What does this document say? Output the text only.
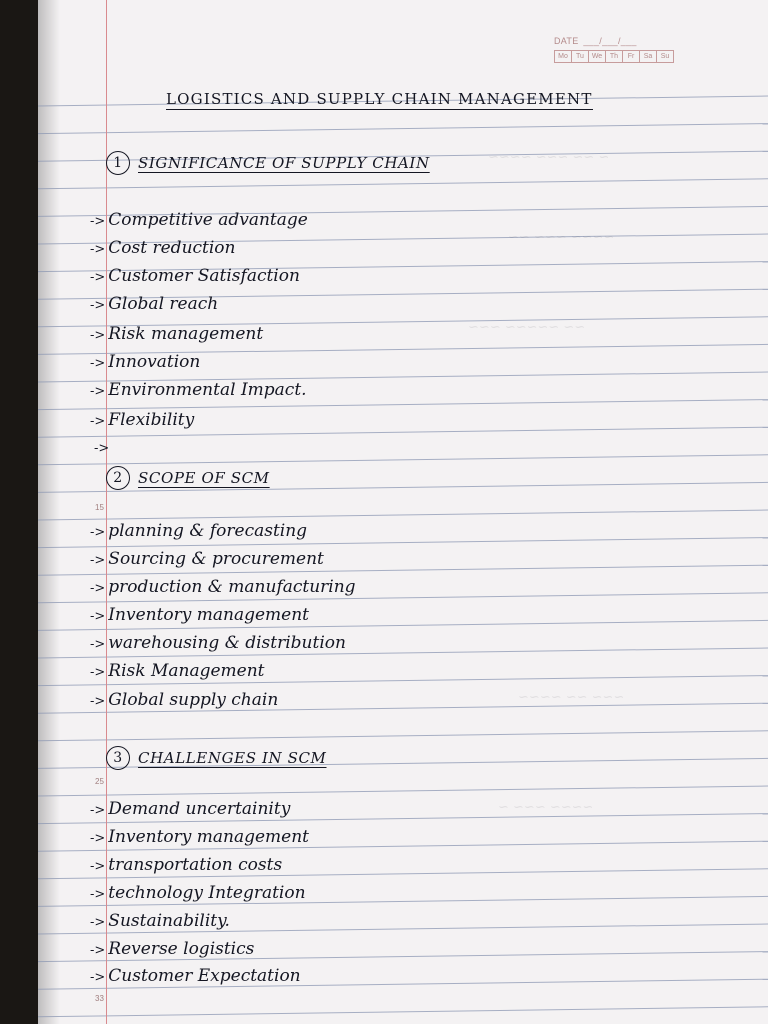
DATE ___/___/___
Mo	Tu	We	Th	Fr	Sa	Su
15
25
33
~ ~~ ~~~ ~~~~
~~~~ ~~~ ~~
~~ ~~~~~ ~~~
~~~ ~~ ~~~~
~~~~ ~~~ ~
LOGISTICS AND SUPPLY CHAIN MANAGEMENT
1 SIGNIFICANCE OF SUPPLY CHAIN
-> Competitive advantage
-> Cost reduction
-> Customer Satisfaction
-> Global reach
-> Risk management
-> Innovation
-> Environmental Impact.
-> Flexibility
->
2 SCOPE OF SCM
-> planning & forecasting
-> Sourcing & procurement
-> production & manufacturing
-> Inventory management
-> warehousing & distribution
-> Risk Management
-> Global supply chain
3 CHALLENGES IN SCM
-> Demand uncertainity
-> Inventory management
-> transportation costs
-> technology Integration
-> Sustainability.
-> Reverse logistics
-> Customer Expectation
